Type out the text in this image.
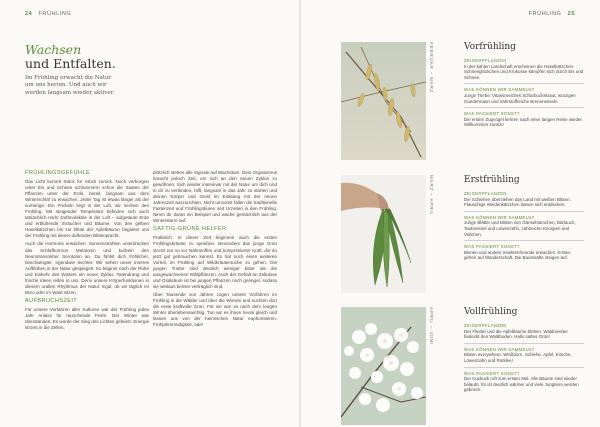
24 FRÜHLING
Wachsen
und Entfalten.
Im Frühling erwacht die Natur um uns herum. Und auch wir werden langsam wieder aktiver.
FRÜHLINGSGEFÜHLE

Das Licht kommt Stück für Stück zurück. Noch verborgen unter Eis und Schnee schlummern schon die Saaten der Pflanzen unter der Erde, bereit, langsam aus dem Winterschlaf zu erwachen. Jeder Tag ist etwas länger als der vorherige. Ein Prickeln liegt in der Luft, wir riechen den Frühling. Mit steigender Temperatur befinden sich auch tatsächlich mehr Duftmoleküle in der Luft – aufgetaute Erde und erblühende Sträucher und Bäume. Von den gelben Haselkätzchen bis zur Blüte der Apfelbäume begleitet uns der Frühling mit dieser duftenden Blütenpracht.

Auch die Hormone erwachen: Sonnenstrahlen unterdrücken das Schlafhormon Melatonin und kurbeln den Neurotransmitter Serotonin an. Du fühlst dich fröhlicher, beschwingter. Irgendwie leichter. Wir sehen unser inneres Aufblühen in der Natur gespiegelt. So beginnt nach der Ruhe und Einkehr des Winters ein neuer Zyklus. Tatendrang und frische Ideen reifen in uns. Denn unsere Körperfunktionen in diesem uralten Rhythmus der Natur. Egal, ob wir täglich im Büro oder im Wald sitzen.

AUFBRUCHSZEIT

Für unsere Vorfahren aller Kulturen war der Frühling jedes Jahr Anlass für rauschende Feste: Der Winter war überstanden. Es wurde der Sieg des Lichtes gefeiert. Energie strömt in die Zellen,

plötzlich stehen alle Signale auf Wachstum. Dein Organismus braucht jedoch Zeit, um sich an den neuen Zyklus zu gewöhnen. Sich wieder intensiver mit der Natur um dich und in dir zu verbinden, hilft, langsam in das Jahr zu starten und deinen Körper und Geist im Einklang mit der neuen Jahreszeit auszurichten. Nicht umsonst fallen die traditionelle Fastenzeit und Frühlingskuren seit Urzeiten in den Frühling. Nimm dir daran ein Beispiel und wache gemächlich aus der Winterstarre auf.

SAFTIG-GRÜNE HELFER

Praktisch: In dieser Zeit beginnen auch die ersten Frühlingskräuter zu sprießen. Besonders das junge Grün strotzt nur so vor Nährstoffen und komprimierter Kraft, die du jetzt gut gebrauchen kannst. Es hat noch einen weiteren Vorteil, im Frühling auf Wildkräutersuche zu gehen. Die jungen Triebe sind deutlich weniger bitter als die ausgewachsenen Wildpflanzen. Auch der Gehalt an Zellulose und Oxalsäure ist bei jungen Pflanzen noch geringer, sodass sie weitaus besser verträglich sind.

Über Tausende von Jahren zogen unsere Vorfahren im Frühling in die Wälder und über die Wiesen und suchten dort die erste kraftvolle Grün. Für sie war es nach dem kargen Winter überlebenswichtig. Tun wir es ihnen heute gleich und lassen uns von der heimischen Natur euphorisieren. Frühjahrsmüdigkeit, ade!

FRÜHLING 25
FEBRUAR – MÄRZ
MÄRZ – APRIL
APRIL – JUNI
Vorfrühling
ZEIGERPFLANZEN
In der kahlen Landschaft erscheinen die Haselkätzchen. Schneeglöckchen und Krokusse kämpfen sich durch Eis und Schnee.
WAS KÖNNEN WIR SAMMELN?
Junge Triebe: Vitaminreiches Scharbockskraut, würzigen Gundermann und nährstoffreiche Brennnesseln.
WAS PASSIERT SONST?
Die ersten Zugvögel kehren nach einer langen Reise wieder. Willkommen zurück!
Erstfrühling
ZEIGERPFLANZEN
Die Schlehen überziehen das Land mit weißen Blüten. Flauschige Weidenkätzchen lassen sich entdecken.
WAS KÖNNEN WIR SAMMELN?
Junge Blätter und Blüten von Gänseblümchen, Bärlauch, Taubnessel und Löwenzahn, zahlreiche Knospen und Veilchen.
WAS PASSIERT SONST?
Bienen und andere Insektenfreunde erwachen. Kröten gehen auf Wanderschaft. Die Baumsäfte steigen auf.
Vollfrühling
ZEIGERPFLANZEN
Der Flieder und die Apfelbäume blühen. Waldmeister bedeckt den Waldboden. Hallo sattes Grün!
WAS KÖNNEN WIR SAMMELN?
Blüten everywhere: Weißdorn, Schlehe, Apfel, Kirsche, Löwenzahn und Rotklee!
WAS PASSIERT SONST?
Der Kuckuck ruft zum ersten Mal. Alle Bäume sind wieder belaubt. Es ist deutlich wärmer und viele Jungtiere werden geboren.
